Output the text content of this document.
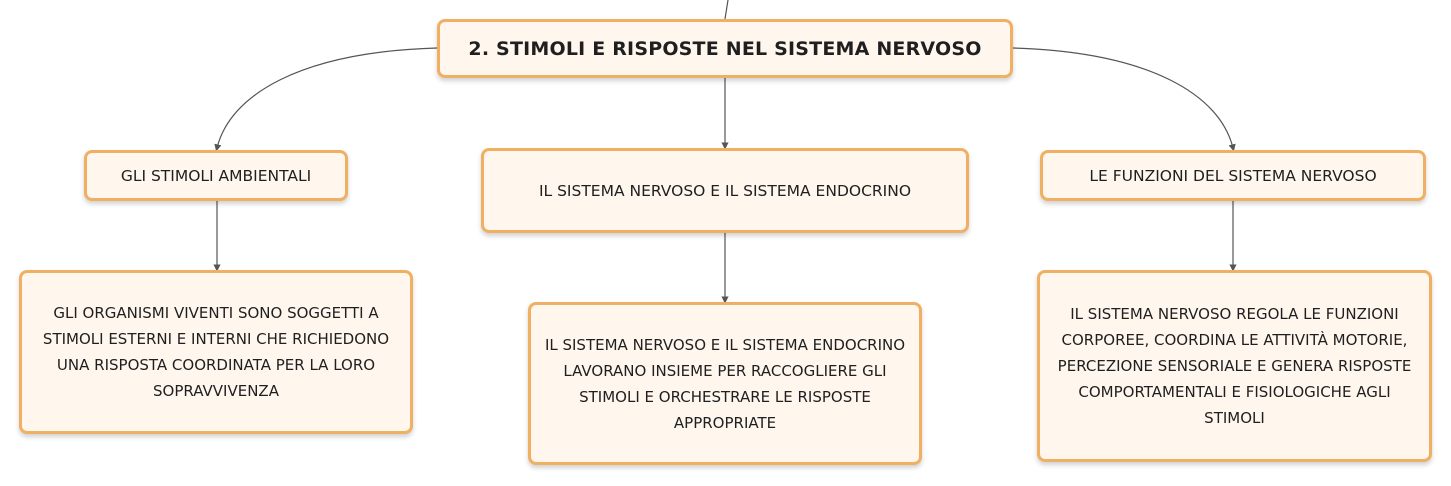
2. STIMOLI E RISPOSTE NEL SISTEMA NERVOSO
GLI STIMOLI AMBIENTALI
IL SISTEMA NERVOSO E IL SISTEMA ENDOCRINO
LE FUNZIONI DEL SISTEMA NERVOSO
GLI ORGANISMI VIVENTI SONO SOGGETTI A STIMOLI ESTERNI E INTERNI CHE RICHIEDONO UNA RISPOSTA COORDINATA PER LA LORO SOPRAVVIVENZA
IL SISTEMA NERVOSO E IL SISTEMA ENDOCRINO LAVORANO INSIEME PER RACCOGLIERE GLI STIMOLI E ORCHESTRARE LE RISPOSTE APPROPRIATE
IL SISTEMA NERVOSO REGOLA LE FUNZIONI CORPOREE, COORDINA LE ATTIVITÀ MOTORIE, PERCEZIONE SENSORIALE E GENERA RISPOSTE COMPORTAMENTALI E FISIOLOGICHE AGLI STIMOLI
